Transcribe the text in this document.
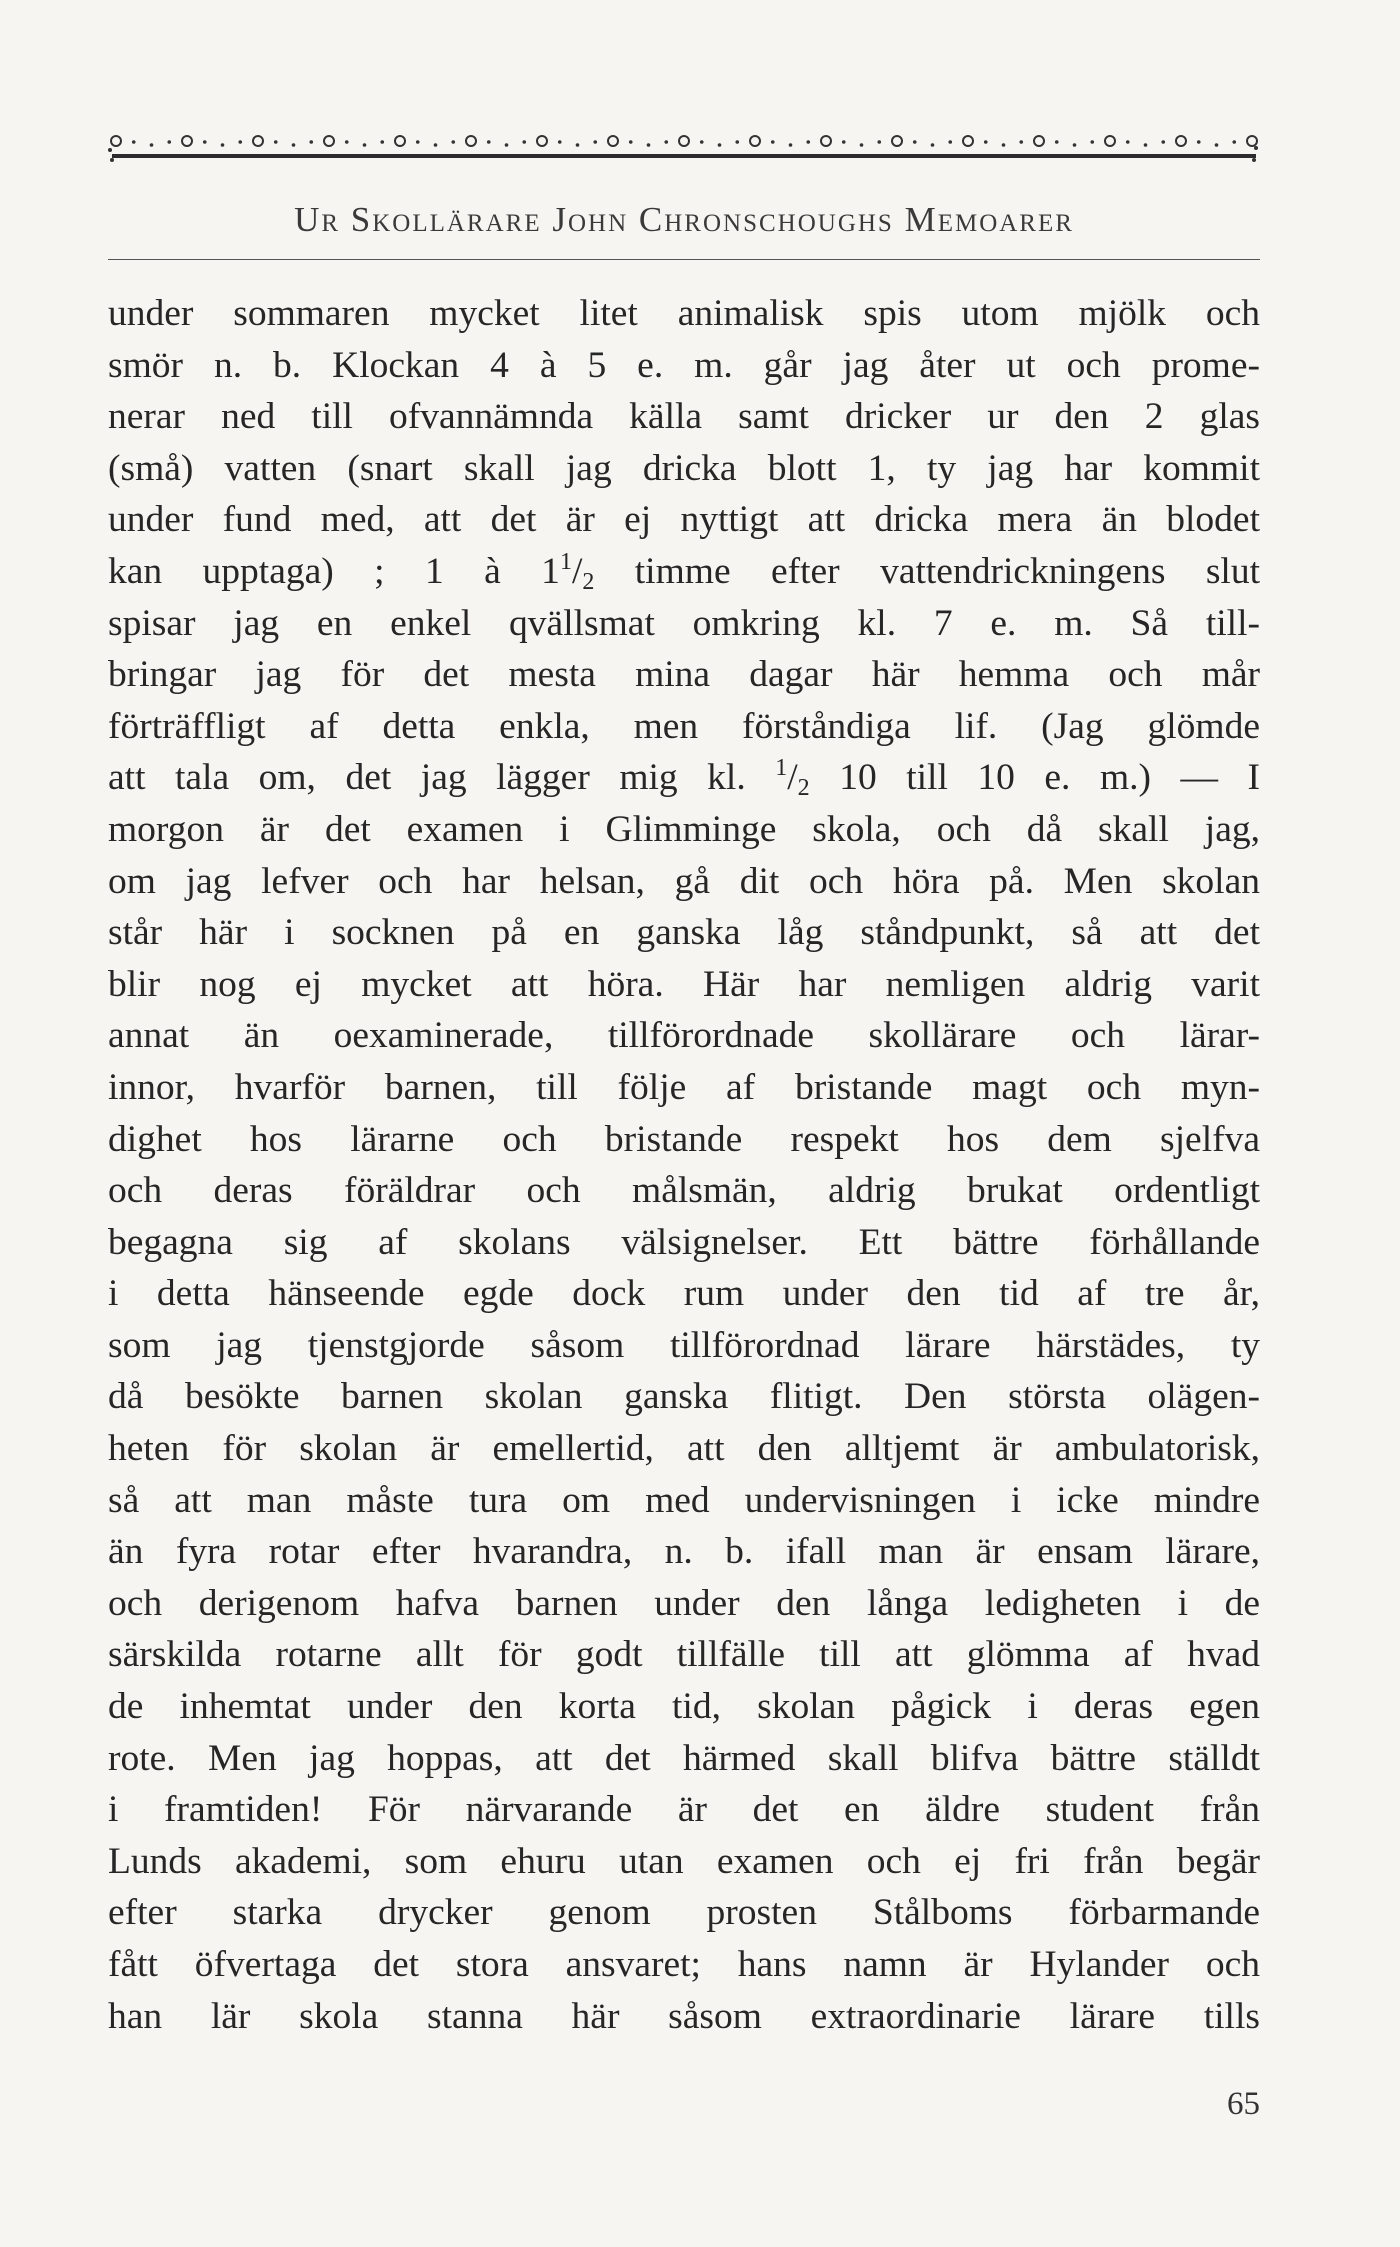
Ur Skollärare John Chronschoughs Memoarer
under sommaren mycket litet animalisk spis utom mjölk och
smör n. b. Klockan 4 à 5 e. m. går jag åter ut och prome-
nerar ned till ofvannämnda källa samt dricker ur den 2 glas
(små) vatten (snart skall jag dricka blott 1, ty jag har kommit
under fund med, att det är ej nyttigt att dricka mera än blodet
kan upptaga) ; 1 à $1^1/_2$ timme efter vattendrickningens slut
spisar jag en enkel qvällsmat omkring kl. 7 e. m. Så till-
bringar jag för det mesta mina dagar här hemma och mår
förträffligt af detta enkla, men förståndiga lif. (Jag glömde
att tala om, det jag lägger mig kl. $^1/_2$ 10 till 10 e. m.) — I
morgon är det examen i Glimminge skola, och då skall jag,
om jag lefver och har helsan, gå dit och höra på. Men skolan
står här i socknen på en ganska låg ståndpunkt, så att det
blir nog ej mycket att höra. Här har nemligen aldrig varit
annat än oexaminerade, tillförordnade skollärare och lärar-
innor, hvarför barnen, till följe af bristande magt och myn-
dighet hos lärarne och bristande respekt hos dem sjelfva
och deras föräldrar och målsmän, aldrig brukat ordentligt
begagna sig af skolans välsignelser. Ett bättre förhållande
i detta hänseende egde dock rum under den tid af tre år,
som jag tjenstgjorde såsom tillförordnad lärare härstädes, ty
då besökte barnen skolan ganska flitigt. Den största olägen-
heten för skolan är emellertid, att den alltjemt är ambulatorisk,
så att man måste tura om med undervisningen i icke mindre
än fyra rotar efter hvarandra, n. b. ifall man är ensam lärare,
och derigenom hafva barnen under den långa ledigheten i de
särskilda rotarne allt för godt tillfälle till att glömma af hvad
de inhemtat under den korta tid, skolan pågick i deras egen
rote. Men jag hoppas, att det härmed skall blifva bättre ställdt
i framtiden! För närvarande är det en äldre student från
Lunds akademi, som ehuru utan examen och ej fri från begär
efter starka drycker genom prosten Stålboms förbarmande
fått öfvertaga det stora ansvaret; hans namn är Hylander och
han lär skola stanna här såsom extraordinarie lärare tills
65
